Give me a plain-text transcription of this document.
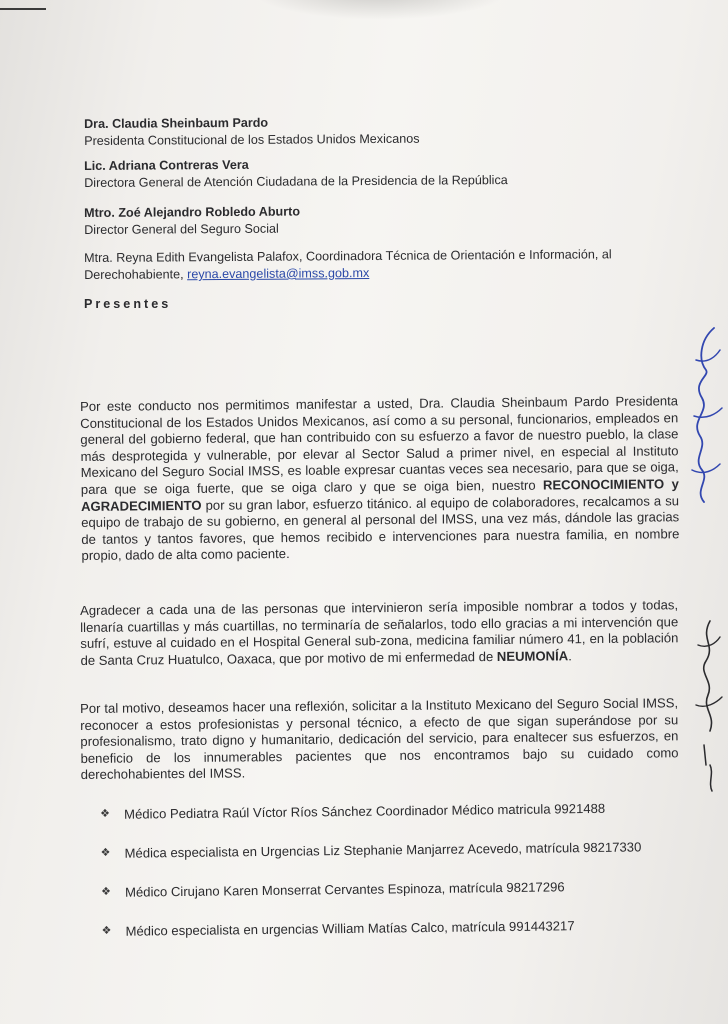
Dra. Claudia Sheinbaum Pardo
Presidenta Constitucional de los Estados Unidos Mexicanos
Lic. Adriana Contreras Vera
Directora General de Atención Ciudadana de la Presidencia de la República
Mtro. Zoé Alejandro Robledo Aburto
Director General del Seguro Social
Mtra. Reyna Edith Evangelista Palafox, Coordinadora Técnica de Orientación e Información, al Derechohabiente, reyna.evangelista@imss.gob.mx
Presentes

Por este conducto nos permitimos manifestar a usted, Dra. Claudia Sheinbaum Pardo Presidenta Constitucional de los Estados Unidos Mexicanos, así como a su personal, funcionarios, empleados en general del gobierno federal, que han contribuido con su esfuerzo a favor de nuestro pueblo, la clase más desprotegida y vulnerable, por elevar al Sector Salud a primer nivel, en especial al Instituto Mexicano del Seguro Social IMSS, es loable expresar cuantas veces sea necesario, para que se oiga, para que se oiga fuerte, que se oiga claro y que se oiga bien, nuestro RECONOCIMIENTO y AGRADECIMIENTO por su gran labor, esfuerzo titánico. al equipo de colaboradores, recalcamos a su equipo de trabajo de su gobierno, en general al personal del IMSS, una vez más, dándole las gracias de tantos y tantos favores, que hemos recibido e intervenciones para nuestra familia, en nombre propio, dado de alta como paciente.

Agradecer a cada una de las personas que intervinieron sería imposible nombrar a todos y todas, llenaría cuartillas y más cuartillas, no terminaría de señalarlos, todo ello gracias a mi intervención que sufrí, estuve al cuidado en el Hospital General sub-zona, medicina familiar número 41, en la población de Santa Cruz Huatulco, Oaxaca, que por motivo de mi enfermedad de NEUMONÍA.

Por tal motivo, deseamos hacer una reflexión, solicitar a la Instituto Mexicano del Seguro Social IMSS, reconocer a estos profesionistas y personal técnico, a efecto de que sigan superándose por su profesionalismo, trato digno y humanitario, dedicación del servicio, para enaltecer sus esfuerzos, en beneficio de los innumerables pacientes que nos encontramos bajo su cuidado como derechohabientes del IMSS.

❖ Médico Pediatra Raúl Víctor Ríos Sánchez Coordinador Médico matricula 9921488
❖ Médica especialista en Urgencias Liz Stephanie Manjarrez Acevedo, matrícula 98217330
❖ Médico Cirujano Karen Monserrat Cervantes Espinoza, matrícula 98217296
❖ Médico especialista en urgencias William Matías Calco, matrícula 991443217
